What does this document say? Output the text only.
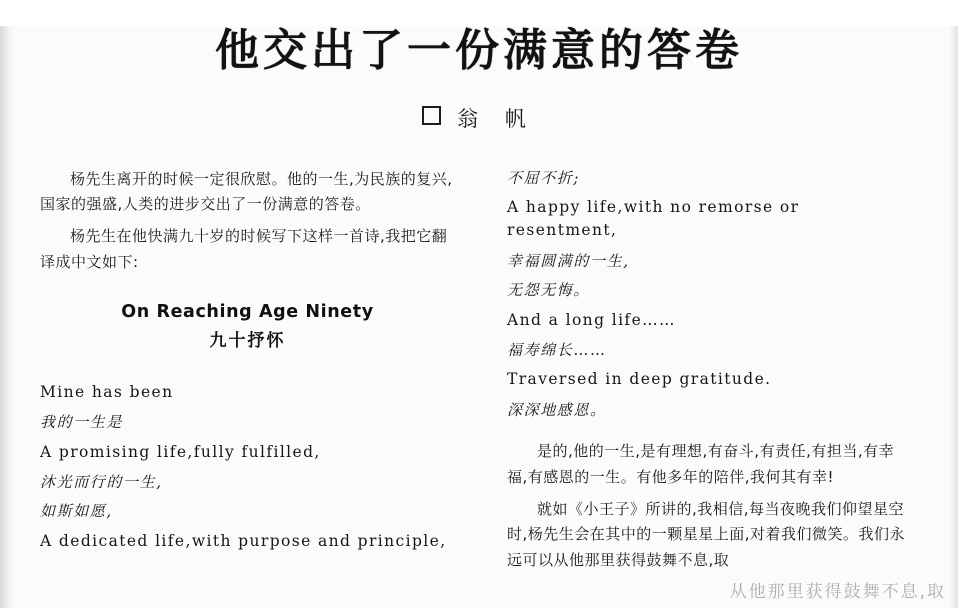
他交出了一份满意的答卷
翁 帆

杨先生离开的时候一定很欣慰。他的一生,为民族的复兴,国家的强盛,人类的进步交出了一份满意的答卷。

杨先生在他快满九十岁的时候写下这样一首诗,我把它翻译成中文如下:

On Reaching Age Ninety
九十抒怀
Mine has been
我的一生是
A promising life,fully fulfilled,
沐光而行的一生,
如斯如愿,
A dedicated life,with purpose and principle,
不屈不折;
A happy life,with no remorse or resentment,
幸福圆满的一生,
无怨无悔。
And a long life……
福寿绵长……
Traversed in deep gratitude.
深深地感恩。

是的,他的一生,是有理想,有奋斗,有责任,有担当,有幸福,有感恩的一生。有他多年的陪伴,我何其有幸!

就如《小王子》所讲的,我相信,每当夜晚我们仰望星空时,杨先生会在其中的一颗星星上面,对着我们微笑。我们永远可以从他那里获得鼓舞不息,取

从他那里获得鼓舞不息,取
